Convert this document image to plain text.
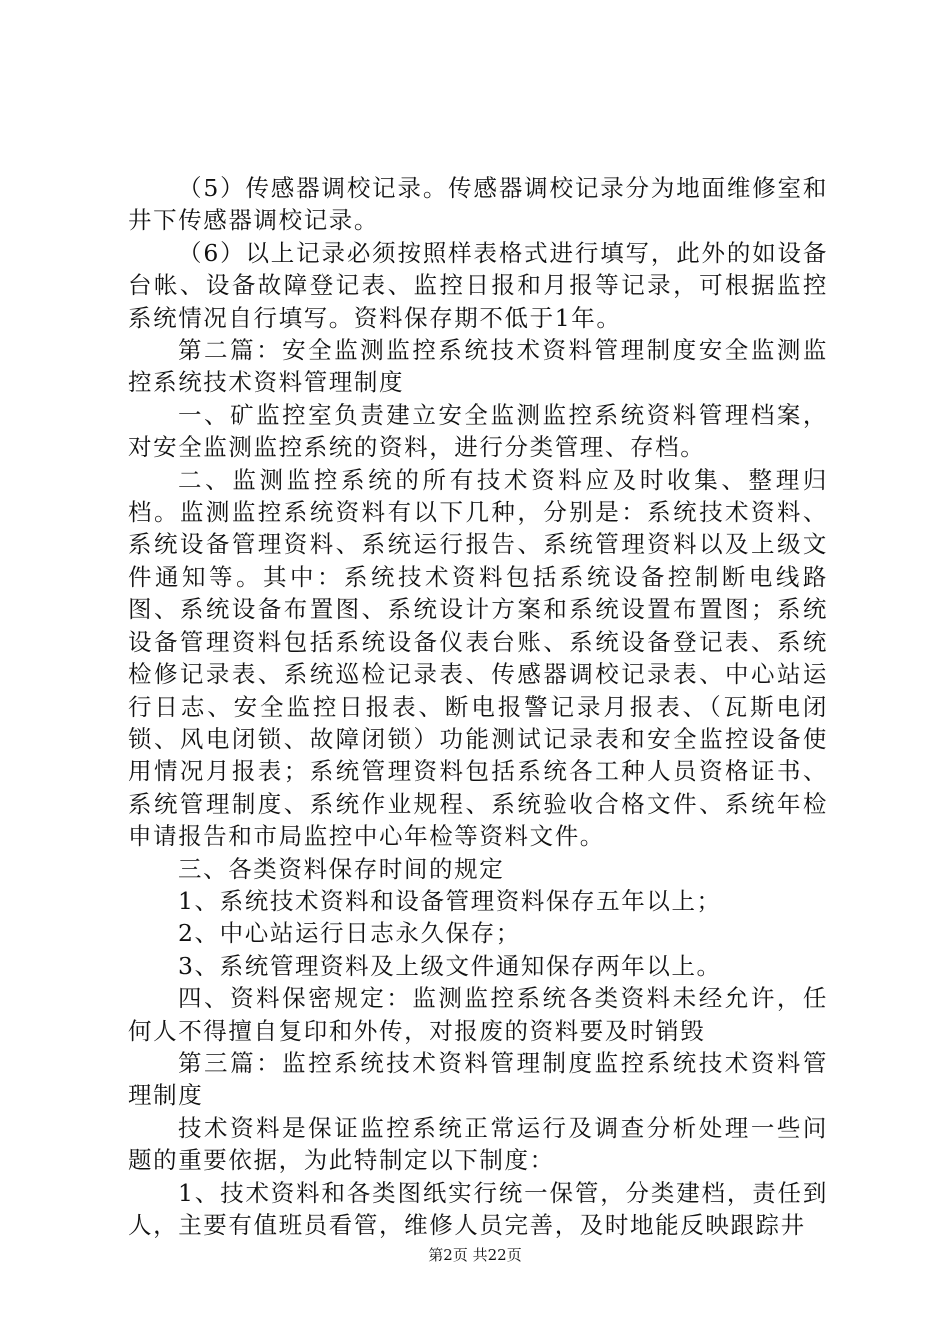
（5）传感器调校记录。传感器调校记录分为地面维修室和井下传感器调校记录。

（6）以上记录必须按照样表格式进行填写，此外的如设备台帐、设备故障登记表、监控日报和月报等记录，可根据监控系统情况自行填写。资料保存期不低于1年。

第二篇：安全监测监控系统技术资料管理制度安全监测监控系统技术资料管理制度

一、矿监控室负责建立安全监测监控系统资料管理档案，对安全监测监控系统的资料，进行分类管理、存档。

二、监测监控系统的所有技术资料应及时收集、整理归档。监测监控系统资料有以下几种，分别是：系统技术资料、系统设备管理资料、系统运行报告、系统管理资料以及上级文件通知等。其中：系统技术资料包括系统设备控制断电线路图、系统设备布置图、系统设计方案和系统设置布置图；系统设备管理资料包括系统设备仪表台账、系统设备登记表、系统检修记录表、系统巡检记录表、传感器调校记录表、中心站运行日志、安全监控日报表、断电报警记录月报表、（瓦斯电闭锁、风电闭锁、故障闭锁）功能测试记录表和安全监控设备使用情况月报表；系统管理资料包括系统各工种人员资格证书、系统管理制度、系统作业规程、系统验收合格文件、系统年检申请报告和市局监控中心年检等资料文件。

三、各类资料保存时间的规定

1、系统技术资料和设备管理资料保存五年以上；

2、中心站运行日志永久保存；

3、系统管理资料及上级文件通知保存两年以上。

四、资料保密规定：监测监控系统各类资料未经允许，任何人不得擅自复印和外传，对报废的资料要及时销毁

第三篇：监控系统技术资料管理制度监控系统技术资料管理制度

技术资料是保证监控系统正常运行及调查分析处理一些问题的重要依据，为此特制定以下制度：

1、技术资料和各类图纸实行统一保管，分类建档，责任到人，主要有值班员看管，维修人员完善，及时地能反映跟踪井

第2页 共22页
